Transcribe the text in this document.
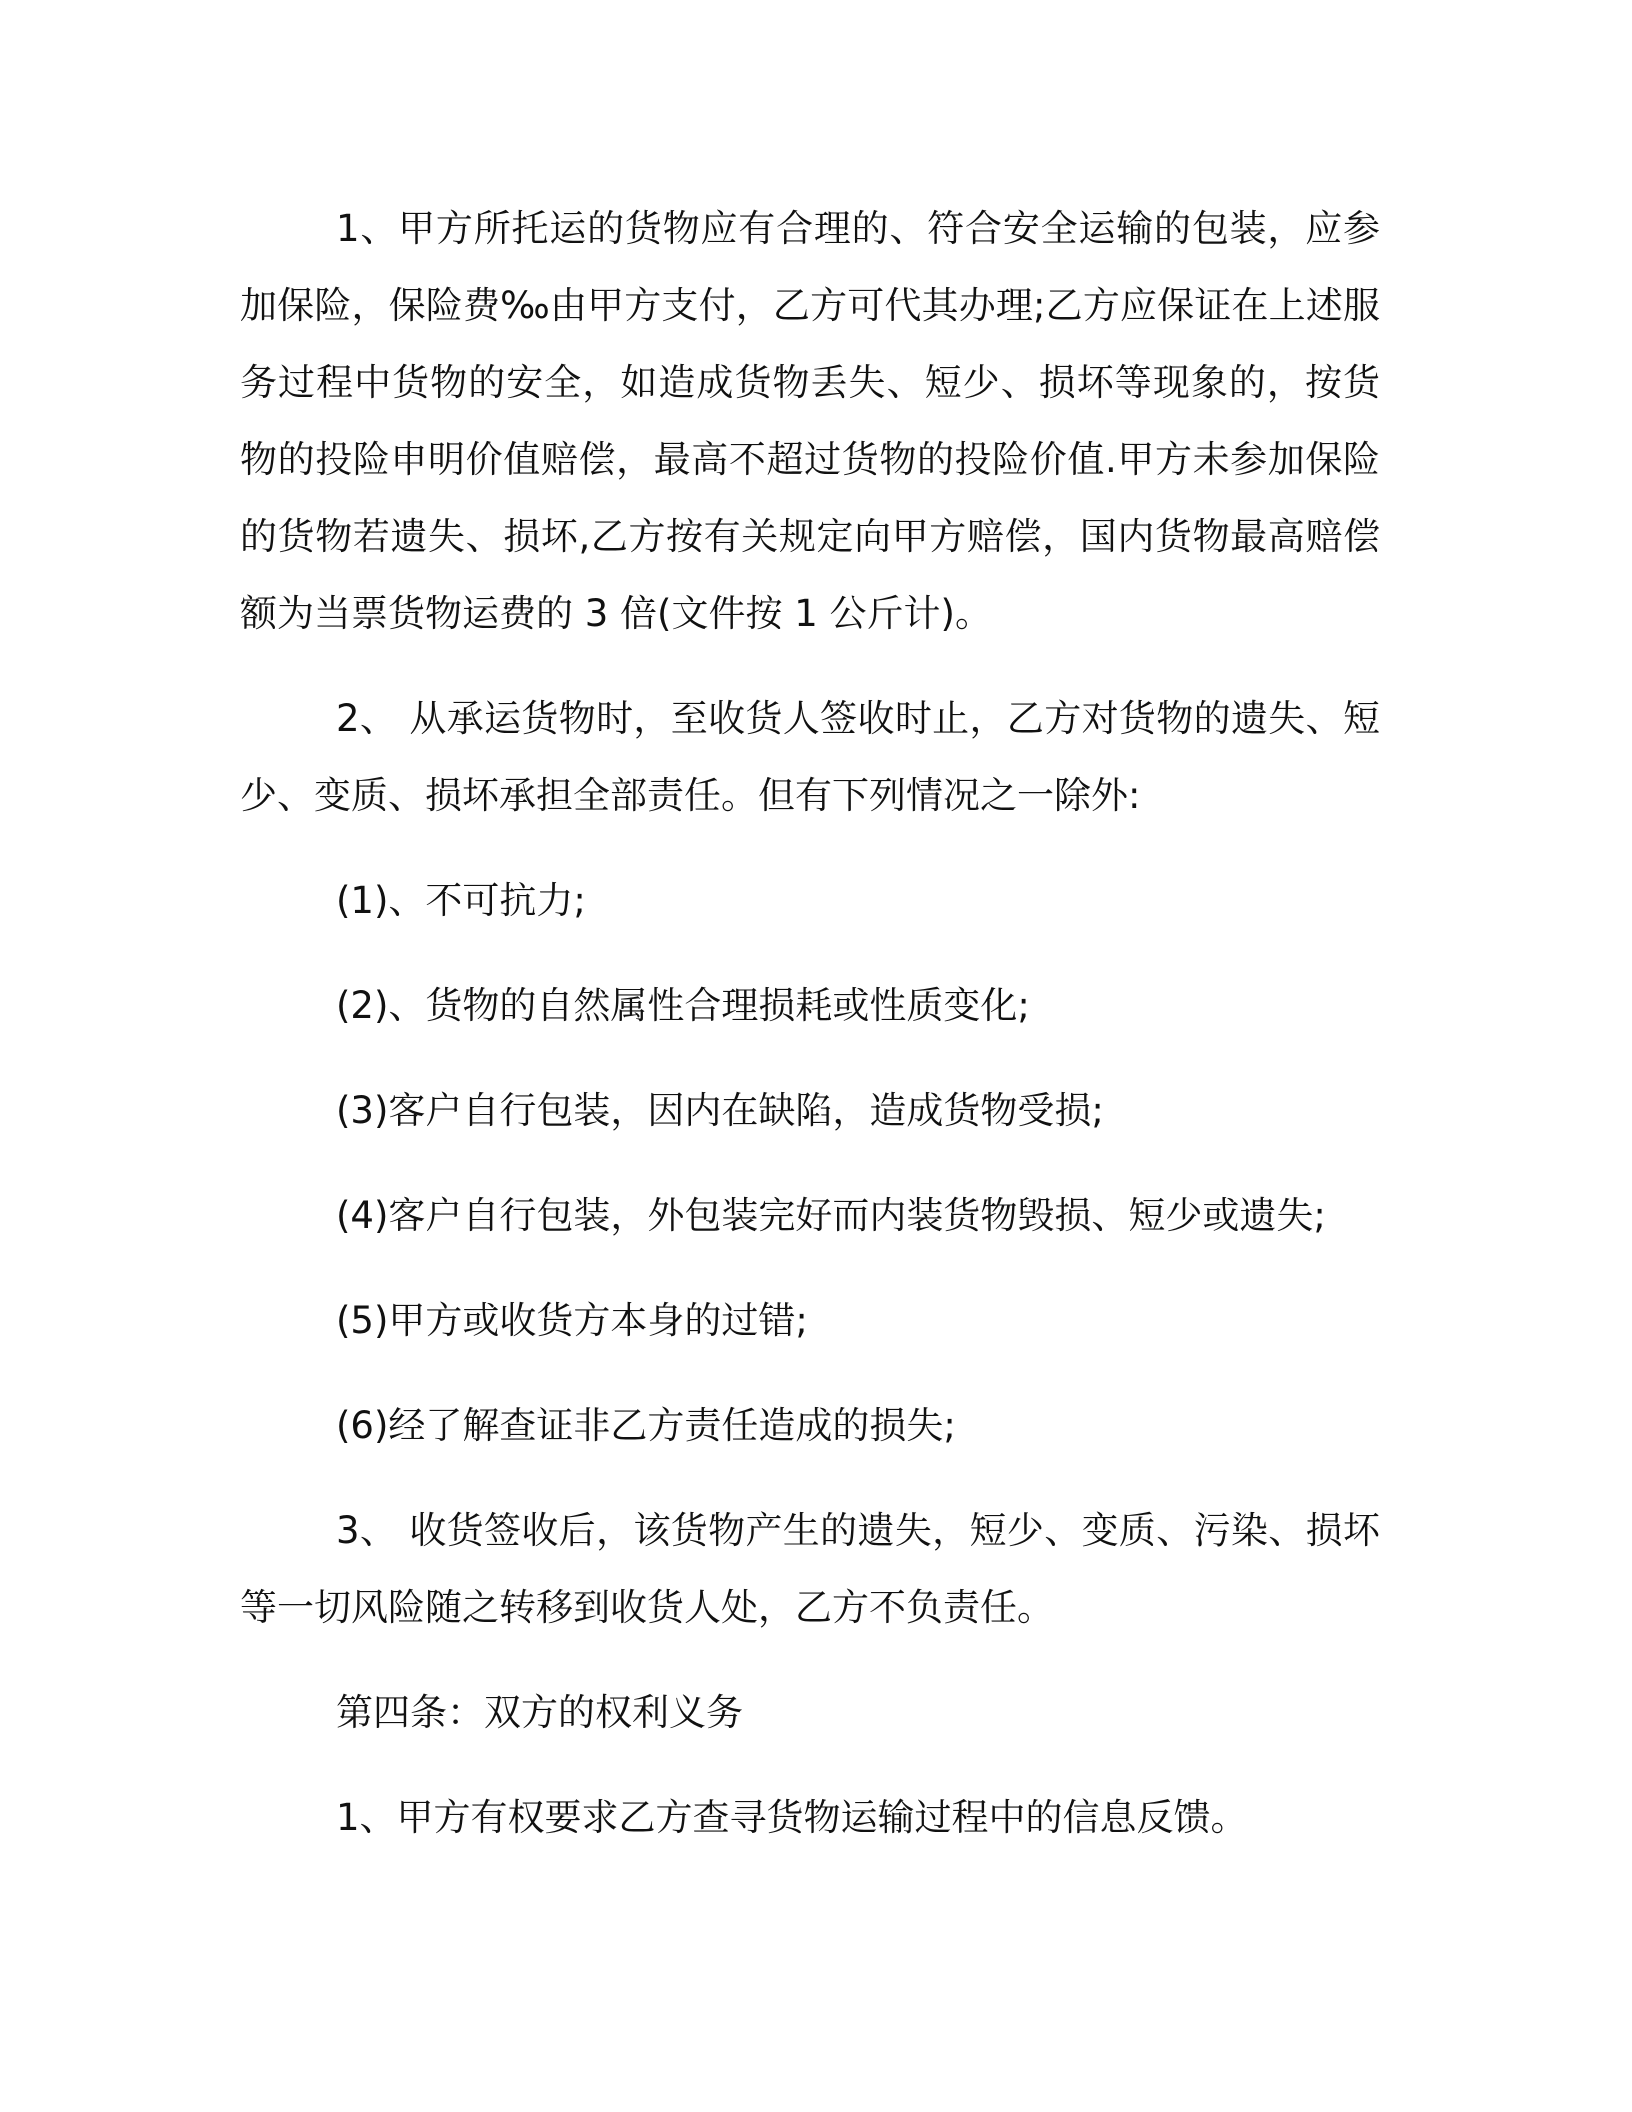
1、甲方所托运的货物应有合理的、符合安全运输的包装，应参加保险，保险费‰由甲方支付，乙方可代其办理;乙方应保证在上述服务过程中货物的安全，如造成货物丢失、短少、损坏等现象的，按货物的投险申明价值赔偿，最高不超过货物的投险价值.甲方未参加保险的货物若遗失、损坏,乙方按有关规定向甲方赔偿，国内货物最高赔偿额为当票货物运费的 3 倍(文件按 1 公斤计)。

2、 从承运货物时，至收货人签收时止，乙方对货物的遗失、短少、变质、损坏承担全部责任。但有下列情况之一除外:

(1)、不可抗力;

(2)、货物的自然属性合理损耗或性质变化;

(3)客户自行包装，因内在缺陷，造成货物受损;

(4)客户自行包装，外包装完好而内装货物毁损、短少或遗失;

(5)甲方或收货方本身的过错;

(6)经了解查证非乙方责任造成的损失;

3、 收货签收后，该货物产生的遗失，短少、变质、污染、损坏等一切风险随之转移到收货人处，乙方不负责任。

第四条：双方的权利义务

1、甲方有权要求乙方查寻货物运输过程中的信息反馈。
